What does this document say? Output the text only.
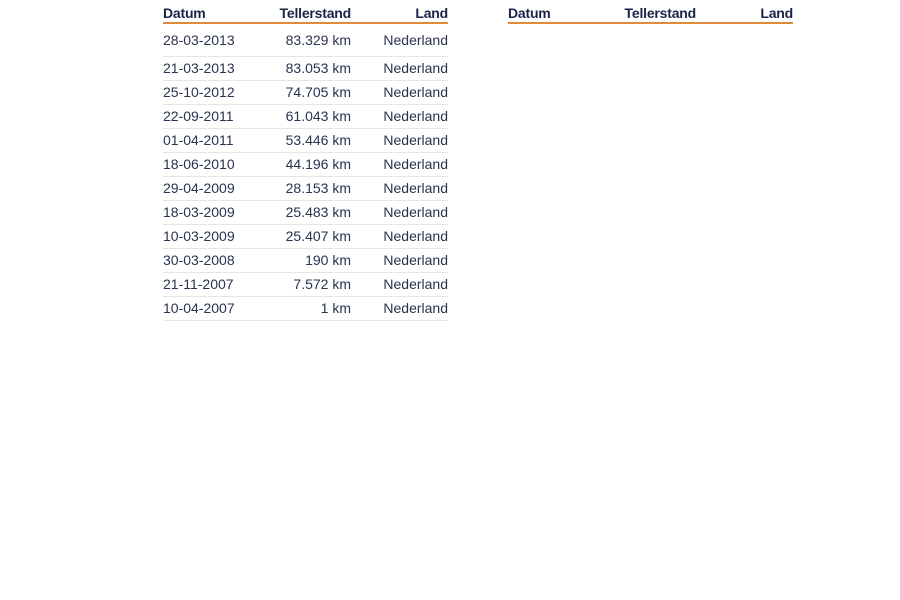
Datum	Tellerstand	Land
28-03-2013	83.329 km	Nederland
21-03-2013	83.053 km	Nederland
25-10-2012	74.705 km	Nederland
22-09-2011	61.043 km	Nederland
01-04-2011	53.446 km	Nederland
18-06-2010	44.196 km	Nederland
29-04-2009	28.153 km	Nederland
18-03-2009	25.483 km	Nederland
10-03-2009	25.407 km	Nederland
30-03-2008	190 km	Nederland
21-11-2007	7.572 km	Nederland
10-04-2007	1 km	Nederland
Datum	Tellerstand	Land
